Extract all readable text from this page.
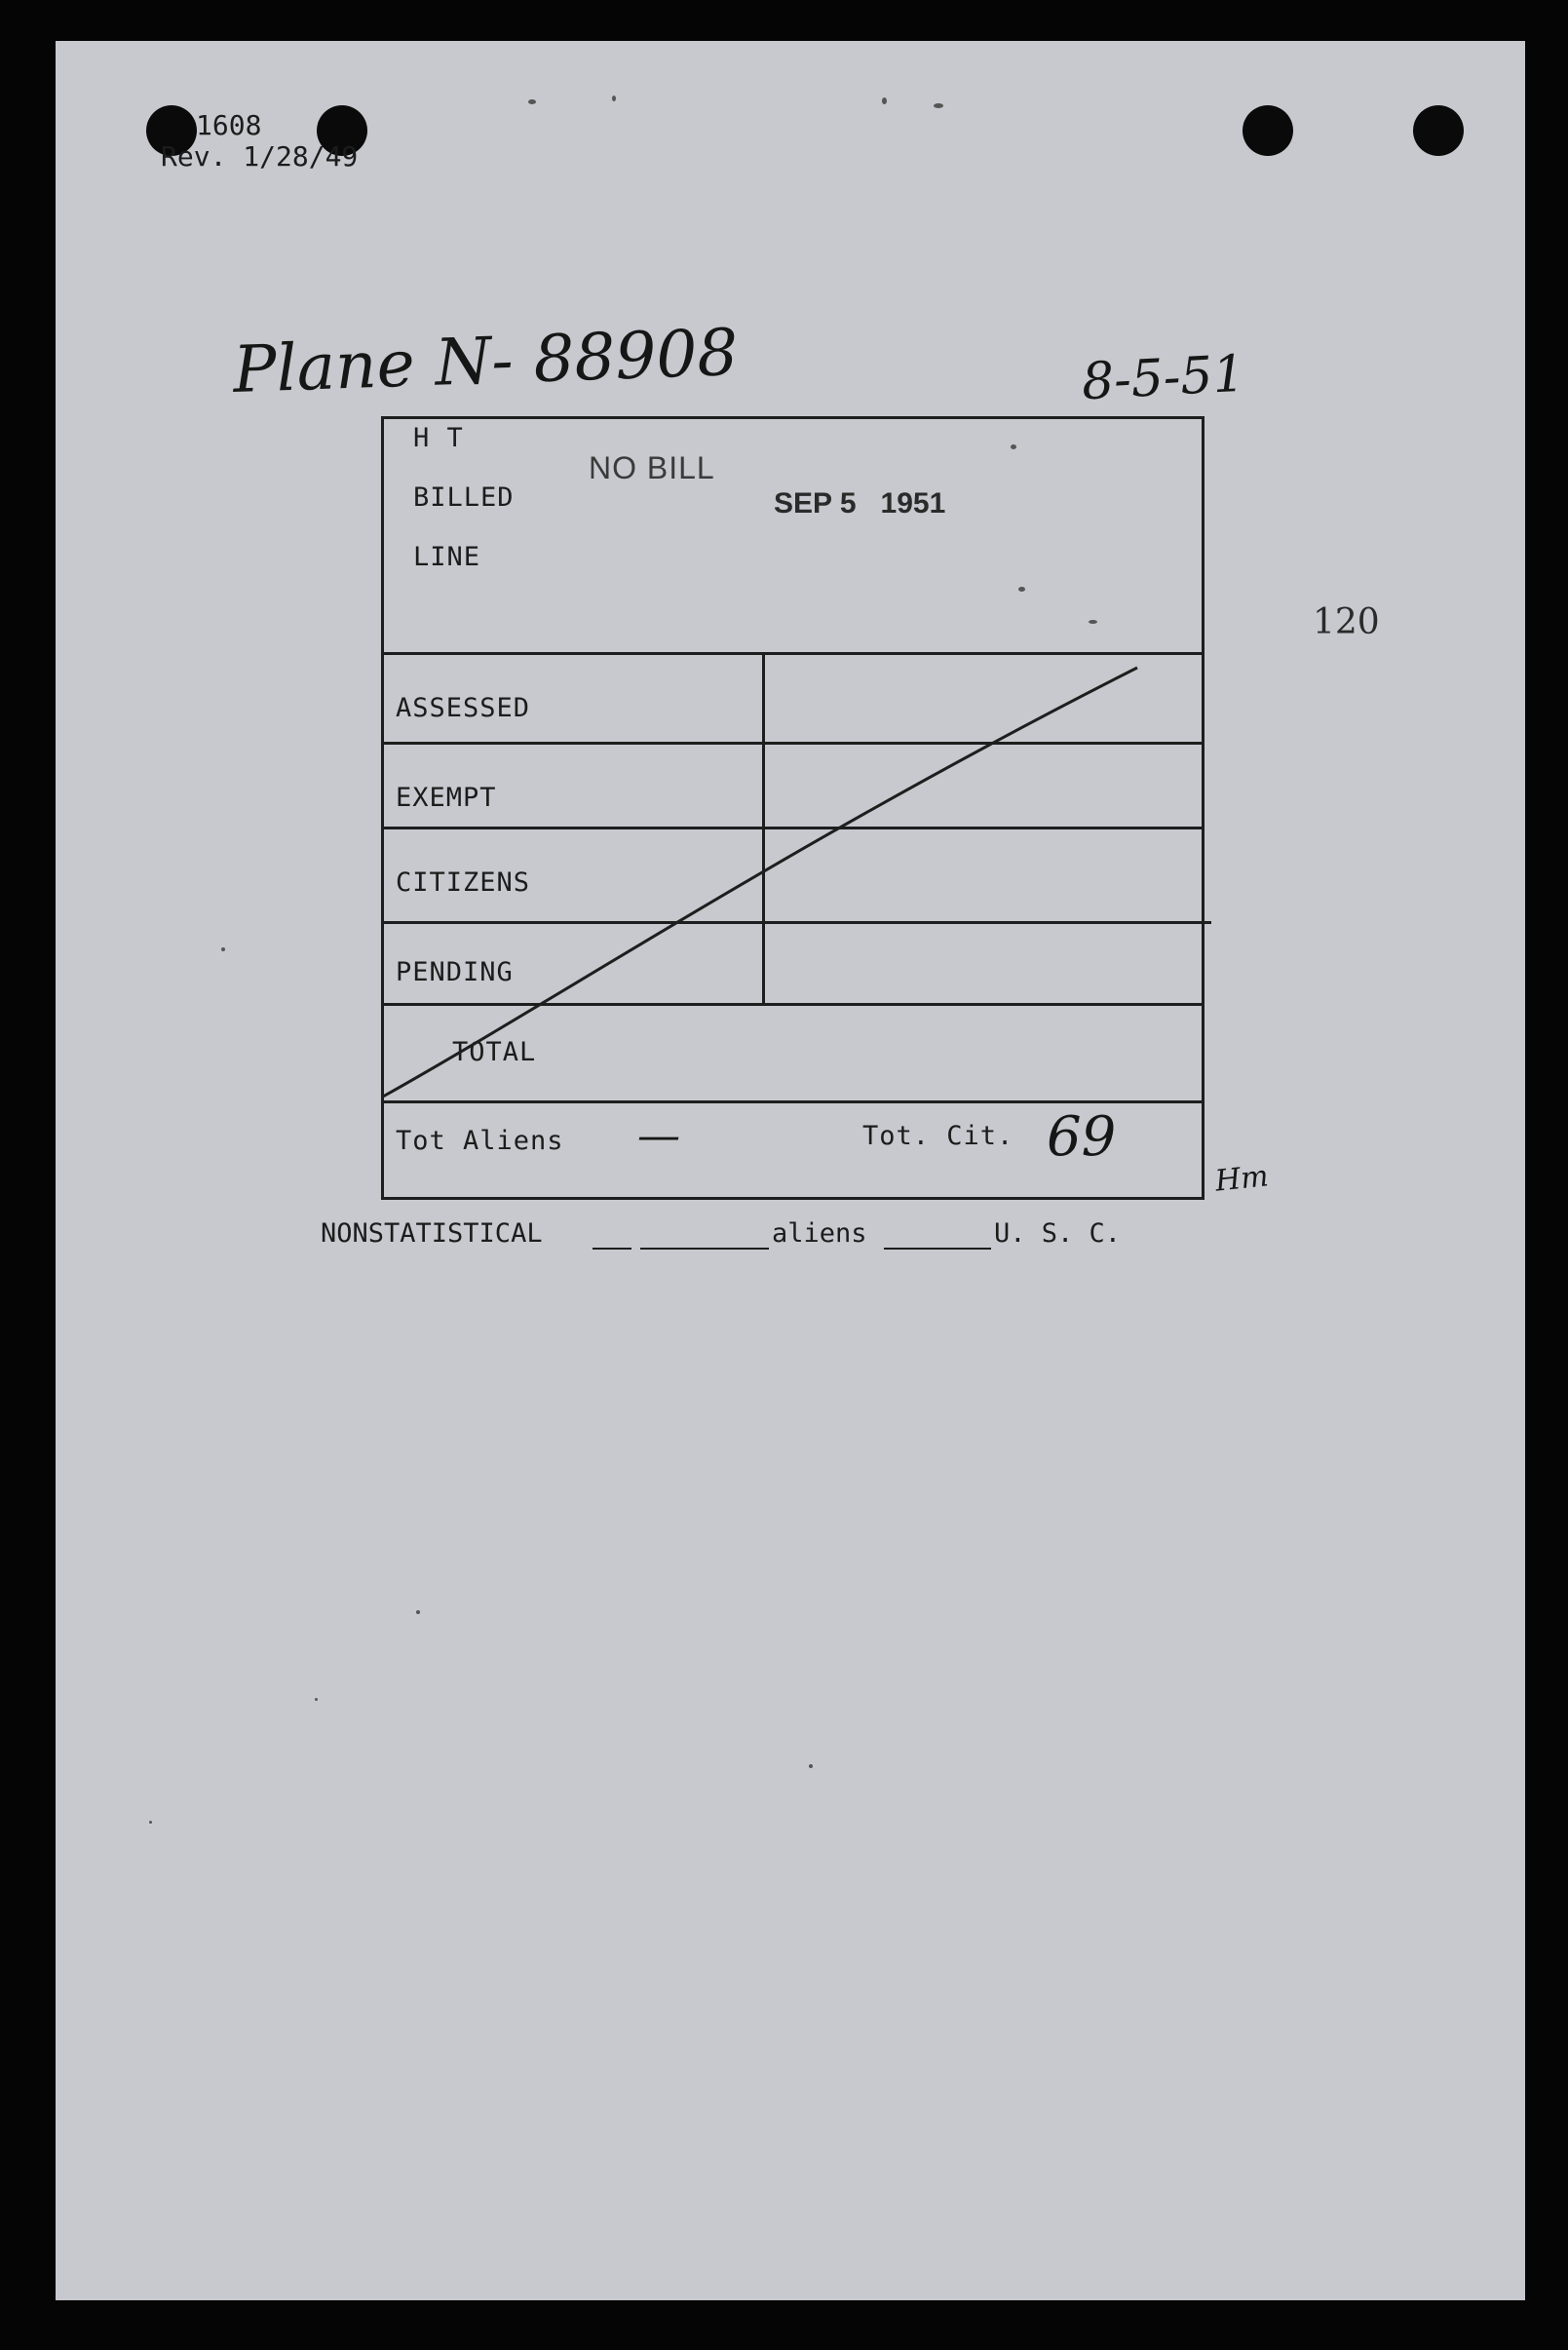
1608
Rev. 1/28/49
Plane N- 88908	8-5-51
120
H T
BILLED
LINE
NO BILL
SEP 5   1951
ASSESSED
EXEMPT
CITIZENS
PENDING
TOTAL
Tot Aliens —	Tot. Cit. 69
Hm
NONSTATISTICAL	aliens	U. S. C.
